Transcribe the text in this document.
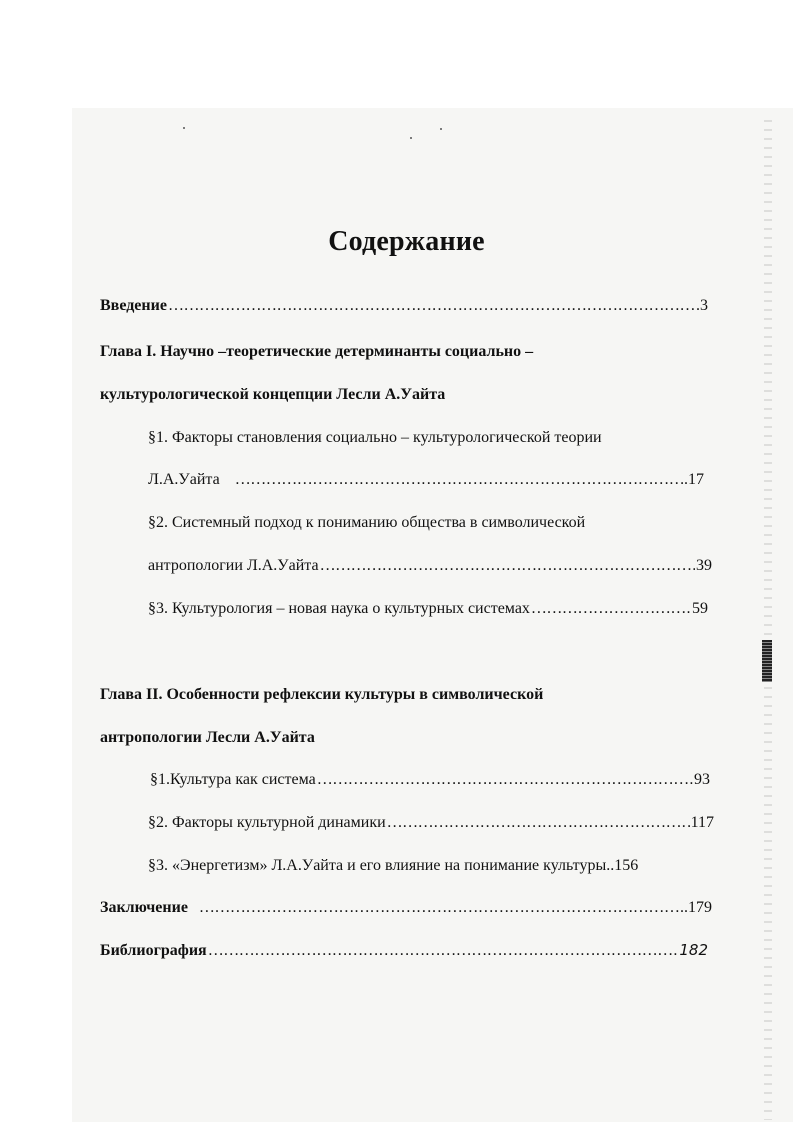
Содержание
Введение …………………………………………………………………………………………………………………………………………………………………………	.3
Глава I. Научно –теоретические детерминанты социально –
культурологической концепции Лесли А.Уайта
§1. Факторы становления социально – культурологической теории
Л.А.Уайта …………………………………………………………………………………………………………………………………………………………………………	.17
§2. Системный подход к пониманию общества в символической
антропологии Л.А.Уайта …………………………………………………………………………………………………………………………………………………………………………	39
§3. Культурология – новая наука о культурных системах …………………………………………………………………………………………………………………………………………………………………………	59
Глава II. Особенности рефлексии культуры в символической
антропологии Лесли А.Уайта
§1.Культура как система …………………………………………………………………………………………………………………………………………………………………………	93
§2. Факторы культурной динамики …………………………………………………………………………………………………………………………………………………………………………	117
§3. «Энергетизм» Л.А.Уайта и его влияние на понимание культуры..156
Заключение …………………………………………………………………………………………………………………………………………………………………………	…..179
Библиография …………………………………………………………………………………………………………………………………………………………………………	182
